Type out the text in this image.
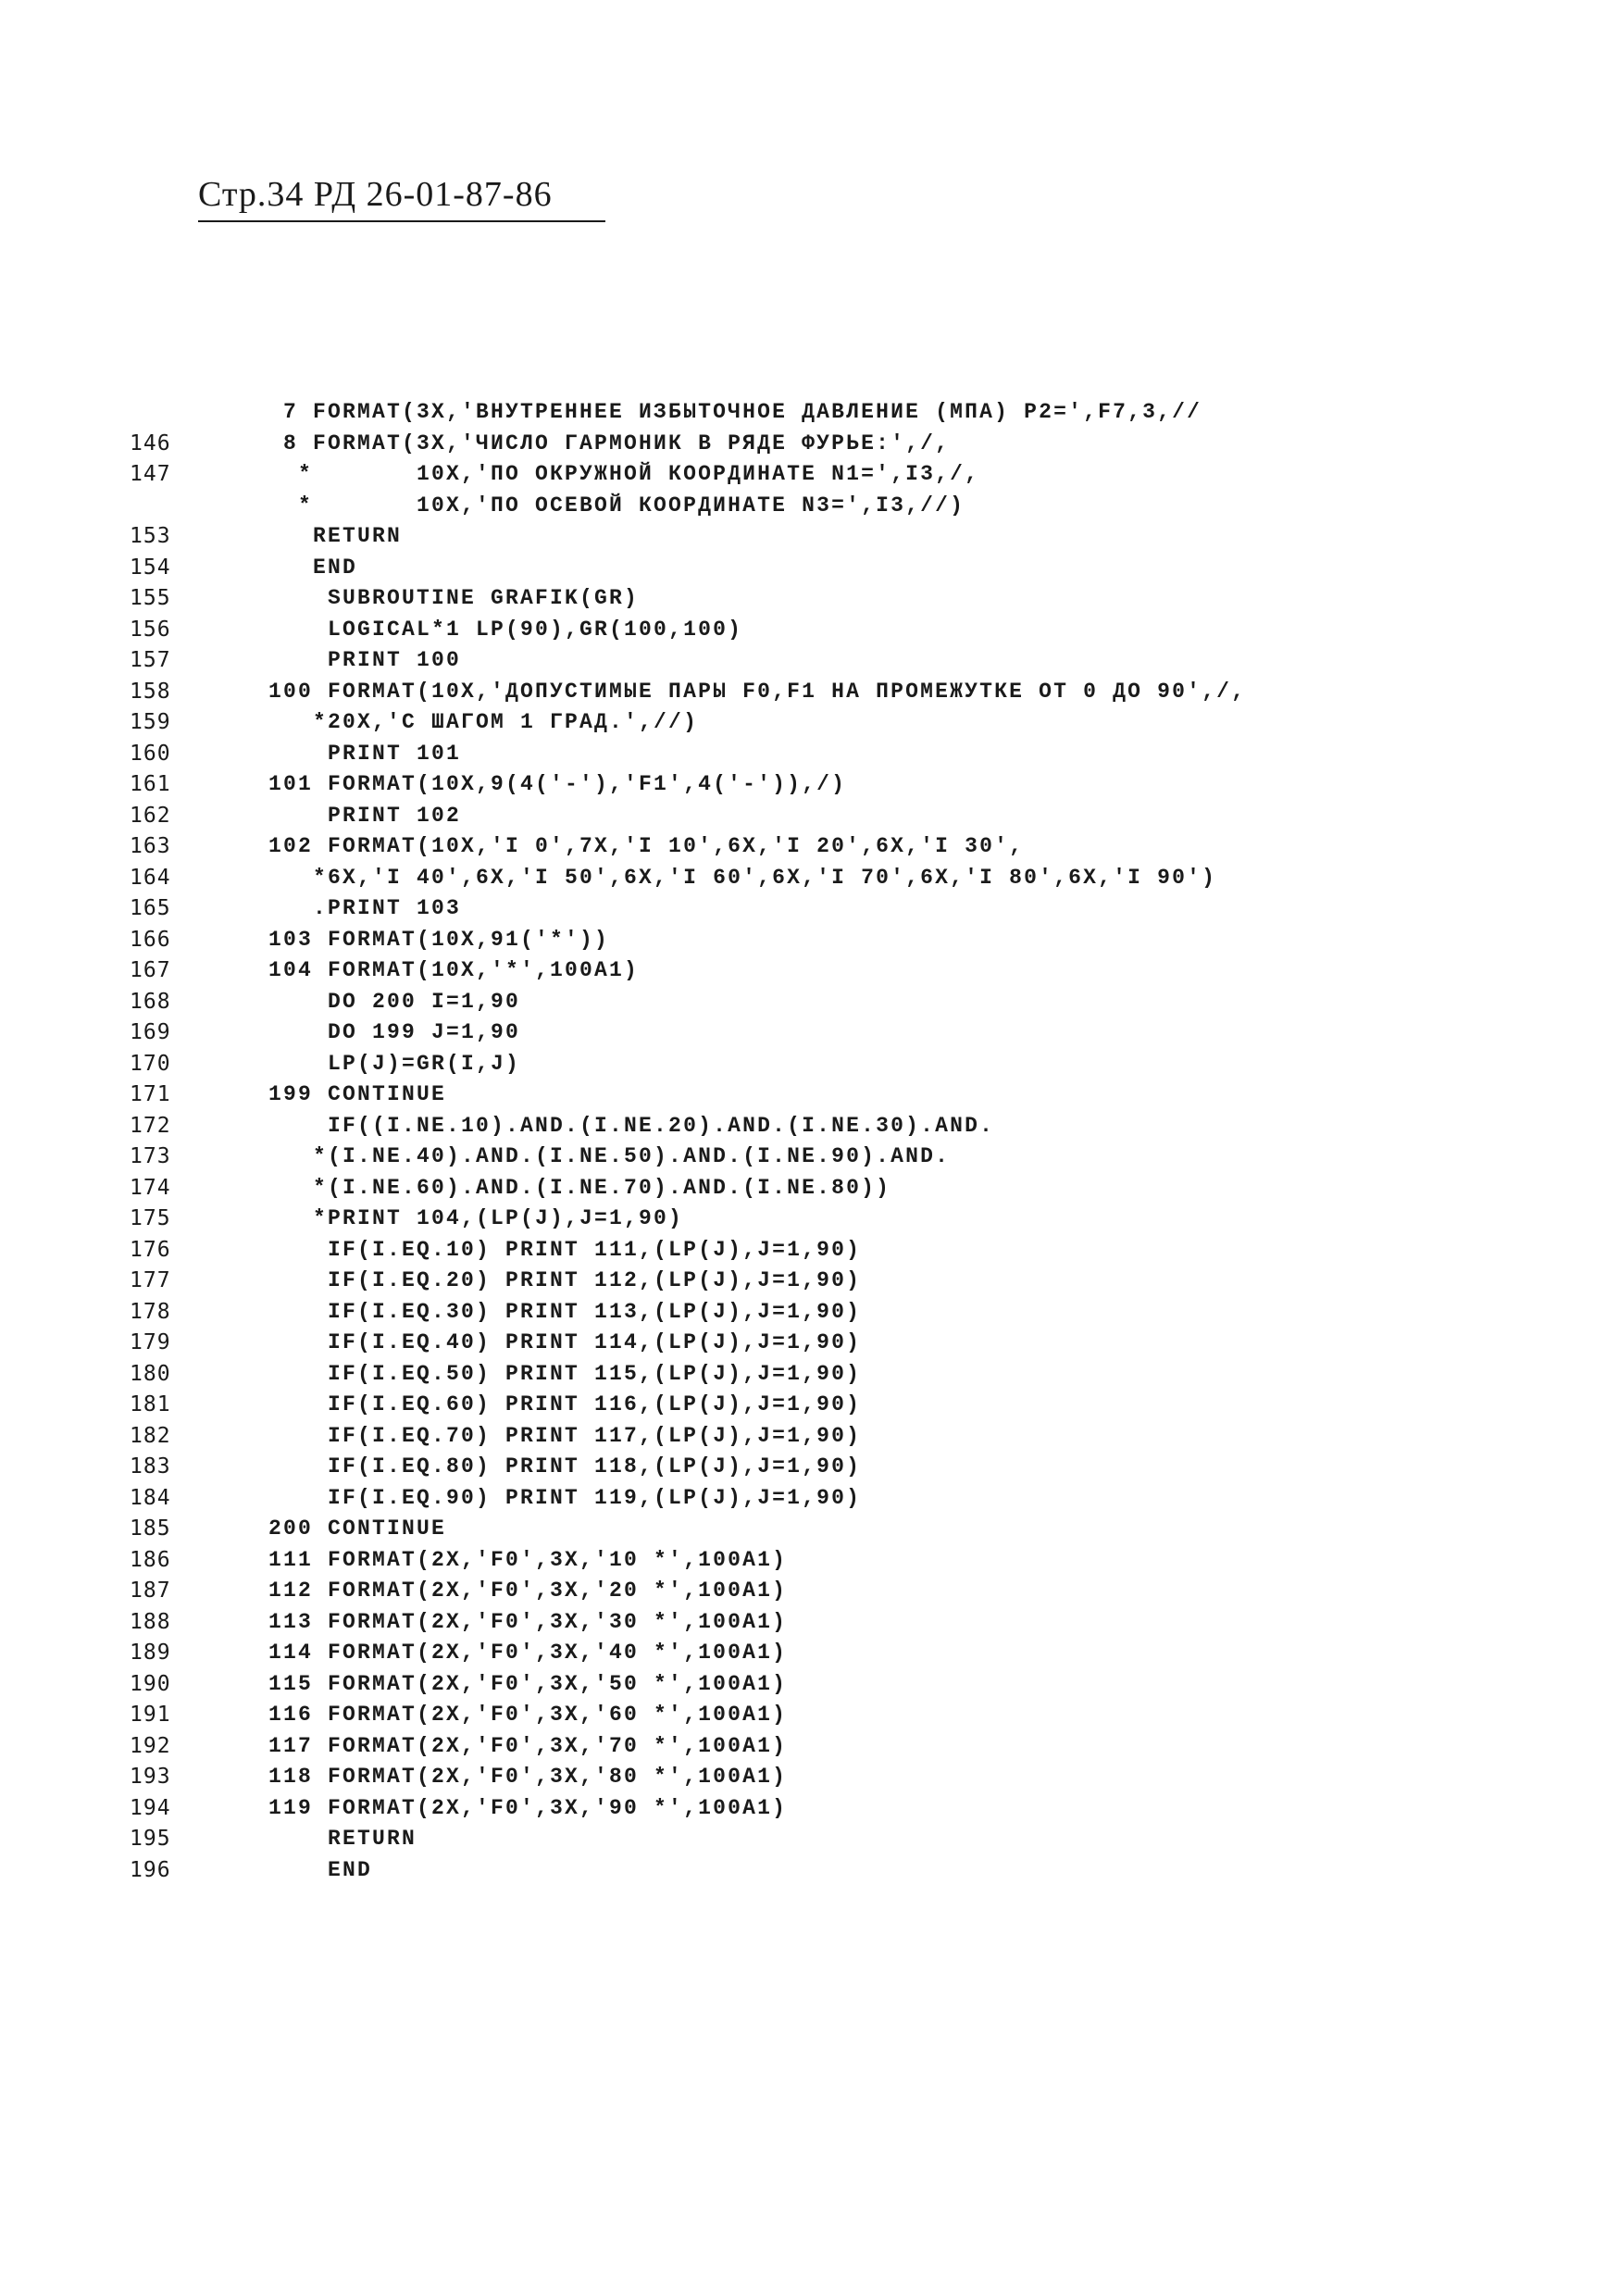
Стр.34 РД 26-01-87-86
7 FORMAT(3X,'ВНУТРЕННЕЕ ИЗБЫТОЧНОЕ ДАВЛЕНИЕ (МПА) P2=',F7,3,//
146	8 FORMAT(3X,'ЧИСЛО ГАРМОНИК В РЯДЕ ФУРЬЕ:',/,
147	*       10X,'ПО ОКРУЖНОЙ КООРДИНАТЕ N1=',I3,/,
*       10X,'ПО ОСЕВОЙ КООРДИНАТЕ N3=',I3,//)
153	RETURN
154	END
155	SUBROUTINE GRAFIK(GR)
156	LOGICAL*1 LP(90),GR(100,100)
157	PRINT 100
158	100 FORMAT(10X,'ДОПУСТИМЫЕ ПАРЫ F0,F1 НА ПРОМЕЖУТКЕ ОТ 0 ДО 90',/,
159	*20X,'С ШАГОМ 1 ГРАД.',//)
160	PRINT 101
161	101 FORMAT(10X,9(4('-'),'F1',4('-')),/)
162	PRINT 102
163	102 FORMAT(10X,'I 0',7X,'I 10',6X,'I 20',6X,'I 30',
164	*6X,'I 40',6X,'I 50',6X,'I 60',6X,'I 70',6X,'I 80',6X,'I 90')
165	.PRINT 103
166	103 FORMAT(10X,91('*'))
167	104 FORMAT(10X,'*',100A1)
168	DO 200 I=1,90
169	DO 199 J=1,90
170	LP(J)=GR(I,J)
171	199 CONTINUE
172	IF((I.NE.10).AND.(I.NE.20).AND.(I.NE.30).AND.
173	*(I.NE.40).AND.(I.NE.50).AND.(I.NE.90).AND.
174	*(I.NE.60).AND.(I.NE.70).AND.(I.NE.80))
175	*PRINT 104,(LP(J),J=1,90)
176	IF(I.EQ.10) PRINT 111,(LP(J),J=1,90)
177	IF(I.EQ.20) PRINT 112,(LP(J),J=1,90)
178	IF(I.EQ.30) PRINT 113,(LP(J),J=1,90)
179	IF(I.EQ.40) PRINT 114,(LP(J),J=1,90)
180	IF(I.EQ.50) PRINT 115,(LP(J),J=1,90)
181	IF(I.EQ.60) PRINT 116,(LP(J),J=1,90)
182	IF(I.EQ.70) PRINT 117,(LP(J),J=1,90)
183	IF(I.EQ.80) PRINT 118,(LP(J),J=1,90)
184	IF(I.EQ.90) PRINT 119,(LP(J),J=1,90)
185	200 CONTINUE
186	111 FORMAT(2X,'F0',3X,'10 *',100A1)
187	112 FORMAT(2X,'F0',3X,'20 *',100A1)
188	113 FORMAT(2X,'F0',3X,'30 *',100A1)
189	114 FORMAT(2X,'F0',3X,'40 *',100A1)
190	115 FORMAT(2X,'F0',3X,'50 *',100A1)
191	116 FORMAT(2X,'F0',3X,'60 *',100A1)
192	117 FORMAT(2X,'F0',3X,'70 *',100A1)
193	118 FORMAT(2X,'F0',3X,'80 *',100A1)
194	119 FORMAT(2X,'F0',3X,'90 *',100A1)
195	RETURN
196	END
